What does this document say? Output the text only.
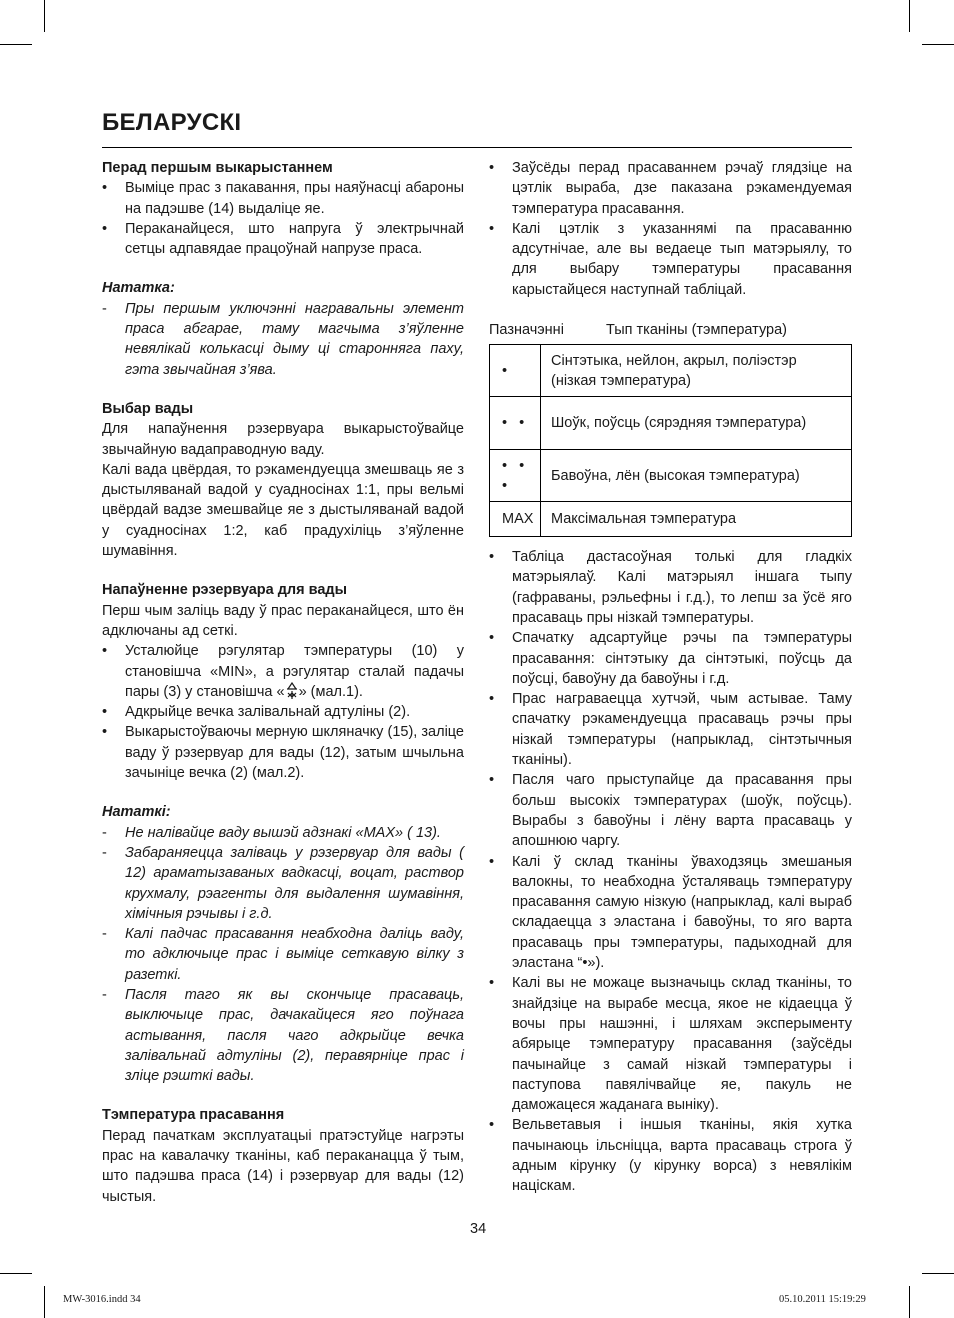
БЕЛАРУСКІ

Перад першым выкарыстаннем

• Выміце прас з пакавання, пры наяўнасці абароны на падэшве (14) выдаліце яе.
• Пераканайцеся, што напруга ў электрычнай сетцы адпавядае працоўнай напрузе праса.

Нататка:

- Пры першым уключэнні награвальны элемент праса абгарае, таму магчыма з’яўленне невялікай колькасці дыму ці староннягa паху, гэта звычайная з’ява.

Выбар вады

Для напаўнення рэзервуара выкарыстоўвайце звычайную вадаправодную ваду.

Калі вада цвёрдая, то рэкамендуецца змешваць яе з дыстыляванай вадой у суадносінах 1:1, пры вельмі цвёрдай вадзе змешвайце яе з дыстыляванай вадой у суадносінах 1:2, каб прадухіліць з’яўленне шумавіння.

Напаўненне рэзервуара для вады

Перш чым заліць ваду ў прас пераканайцеся, што ён адключаны ад сеткі.

• Усталюйце рэгулятар тэмпературы (10) у становішча «MIN», а рэгулятар сталай падачы пары (3) у становішча « » (мал.1).
• Адкрыйце вечка залівальнай адтуліны (2).
• Выкарыстоўваючы мерную шкляначку (15), заліце ваду ў рэзервуар для вады (12), затым шчыльна зачыніце вечка (2) (мал.2).

Нататкі:

- Не налівайце ваду вышэй адзнакі «MAX» ( 13).
- Забараняецца заліваць у рэзервуар для вады ( 12) араматызаваных вадкасці, воцат, раствор крухмалу, рэагенты для выдалення шумавіння, хімічныя рэчывы і г.д.
- Калі падчас прасавання неабходна даліць ваду, то адключыце прас і выміце сеткавую вілку з разеткі.
- Пасля таго як вы скончыце прасаваць, выключыце прас, дачакайцеся яго поўнага астывання, пасля чаго адкрыйце вечка залівальнай адтуліны (2), перавярніце прас і зліце рэшткі вады.

Тэмпература прасавання

Перад пачаткам эксплуатацыі пратэстуйце нагрэты прас на кавалачку тканіны, каб пераканацца ў тым, што падэшва праса (14) і рэзервуар для вады (12) чыстыя.

• Заўсёды перад прасаваннем рэчаў глядзіце на цэтлік выраба, дзе паказана рэкамендуемая тэмпература прасавання.
• Калі цэтлік з указаннямі па прасаванню адсутнічае, але вы ведаеце тып матэрыялу, то для выбару тэмпературы прасавання карыстайцеся наступнай табліцай.
Пазначэнні	Тып тканіны (тэмпература)
•	Сінтэтыка, нейлон, акрыл, поліэстэр (нізкая тэмпература)
• •	Шоўк, поўсць (сярэдняя тэмпература)
• • •	Бавоўна, лён (высокая тэмпература)
MAX	Максімальная тэмпература
• Табліца дастасоўная толькі для гладкіх матэрыялаў. Калі матэрыял іншага тыпу (гафраваны, рэльефны і г.д.), то лепш за ўсё яго прасаваць пры нізкай тэмпературы.
• Спачатку адсартуйце рэчы па тэмпературы прасавання: сінтэтыку да сінтэтыкі, поўсць да поўсці, бавоўну да бавоўны і г.д.
• Прас награваецца хутчэй, чым астывае. Таму спачатку рэкамендуецца прасаваць рэчы пры нізкай тэмпературы (напрыклад, сінтэтычныя тканіны).
• Пасля чаго прыступайце да прасавання пры больш высокіх тэмпературах (шоўк, поўсць). Вырабы з бавоўны і лёну варта прасаваць у апошнюю чаргу.
• Калі ў склад тканіны ўваходзяць змешаныя валокны, то неабходна ўсталяваць тэмпературу прасавання самую нізкую (напрыклад, калі выраб складаецца з эластана і бавоўны, то яго варта прасаваць пры тэмпературы, падыходнай для эластана “•»).
• Калі вы не можаце вызначыць склад тканіны, то знайдзіце на вырабе месца, якое не кідаецца ў вочы пры нашэнні, і шляхам эксперыменту абярыце тэмпературу прасавання (заўсёды пачынайце з самай нізкай тэмпературы і паступова павялічвайце яе, пакуль не даможацеся жаданага выніку).
• Вельветавыя і іншыя тканіны, якія хутка пачынаюць ільсніцца, варта прасаваць строга ў адным кірунку (у кірунку ворса) з невялікім націскам.
34
MW-3016.indd 34	05.10.2011 15:19:29
